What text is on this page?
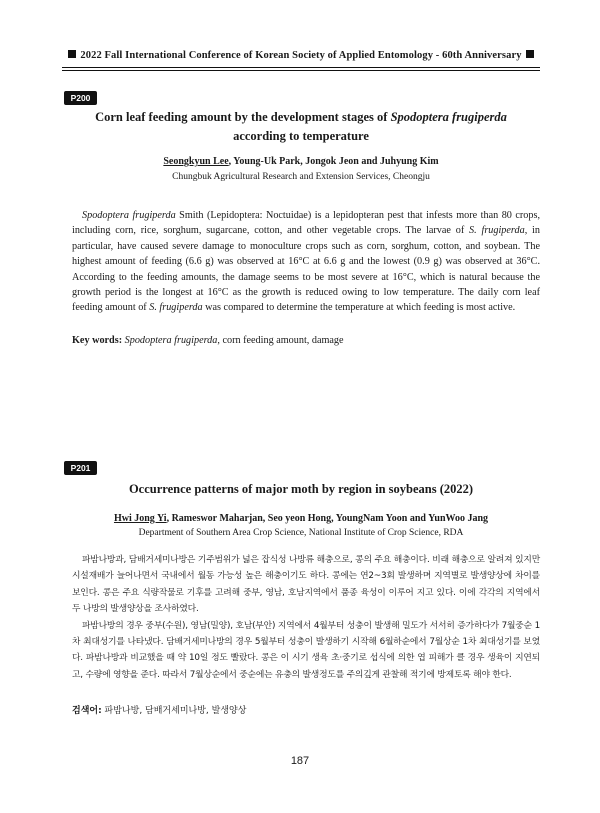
2022 Fall International Conference of Korean Society of Applied Entomology - 60th Anniversary
P200
Corn leaf feeding amount by the development stages of Spodoptera frugiperda
according to temperature
Seongkyun Lee, Young-Uk Park, Jongok Jeon and Juhyung Kim
Chungbuk Agricultural Research and Extension Services, Cheongju

Spodoptera frugiperda Smith (Lepidoptera: Noctuidae) is a lepidopteran pest that infests more than 80 crops, including corn, rice, sorghum, sugarcane, cotton, and other vegetable crops. The larvae of S. frugiperda, in particular, have caused severe damage to monoculture crops such as corn, sorghum, cotton, and soybean. The highest amount of feeding (6.6 g) was observed at 16°C at 6.6 g and the lowest (0.9 g) was observed at 36°C. According to the feeding amounts, the damage seems to be most severe at 16°C, which is natural because the growth period is the longest at 16°C as the growth is reduced owing to low temperature. The daily corn leaf feeding amount of S. frugiperda was compared to determine the temperature at which feeding is most active.

Key words: Spodoptera frugiperda, corn feeding amount, damage
P201
Occurrence patterns of major moth by region in soybeans (2022)
Hwi Jong Yi, Rameswor Maharjan, Seo yeon Hong, YoungNam Yoon and YunWoo Jang
Department of Southern Area Crop Science, National Institute of Crop Science, RDA

파밤나방과, 담배거세미나방은 기주범위가 넓은 잡식성 나방류 해충으로, 콩의 주요 해충이다. 비래 해충으로 알려져 있지만 시설재배가 늘어나면서 국내에서 월동 가능성 높은 해충이기도 하다. 콩에는 연2~3회 발생하며 지역별로 발생양상에 차이를 보인다. 콩은 주요 식량작물로 기후를 고려해 중부, 영남, 호남지역에서 품종 육성이 이루어 지고 있다. 이에 각각의 지역에서 두 나방의 발생양상을 조사하였다.

파밤나방의 경우 중부(수원), 영남(밀양), 호남(부안) 지역에서 4월부터 성충이 발생해 밀도가 서서히 증가하다가 7월중순 1차 최대성기를 나타냈다. 담배거세미나방의 경우 5월부터 성충이 발생하기 시작해 6월하순에서 7월상순 1차 최대성기를 보였다. 파밤나방과 비교했을 때 약 10일 정도 빨랐다. 콩은 이 시기 생육 초·중기로 섭식에 의한 엽 피해가 클 경우 생육이 지연되고, 수량에 영향을 준다. 따라서 7월상순에서 중순에는 유충의 발생정도를 주의깊게 관찰해 적기에 방제토록 해야 한다.

검색어: 파밤나방, 담배거세미나방, 발생양상
187
